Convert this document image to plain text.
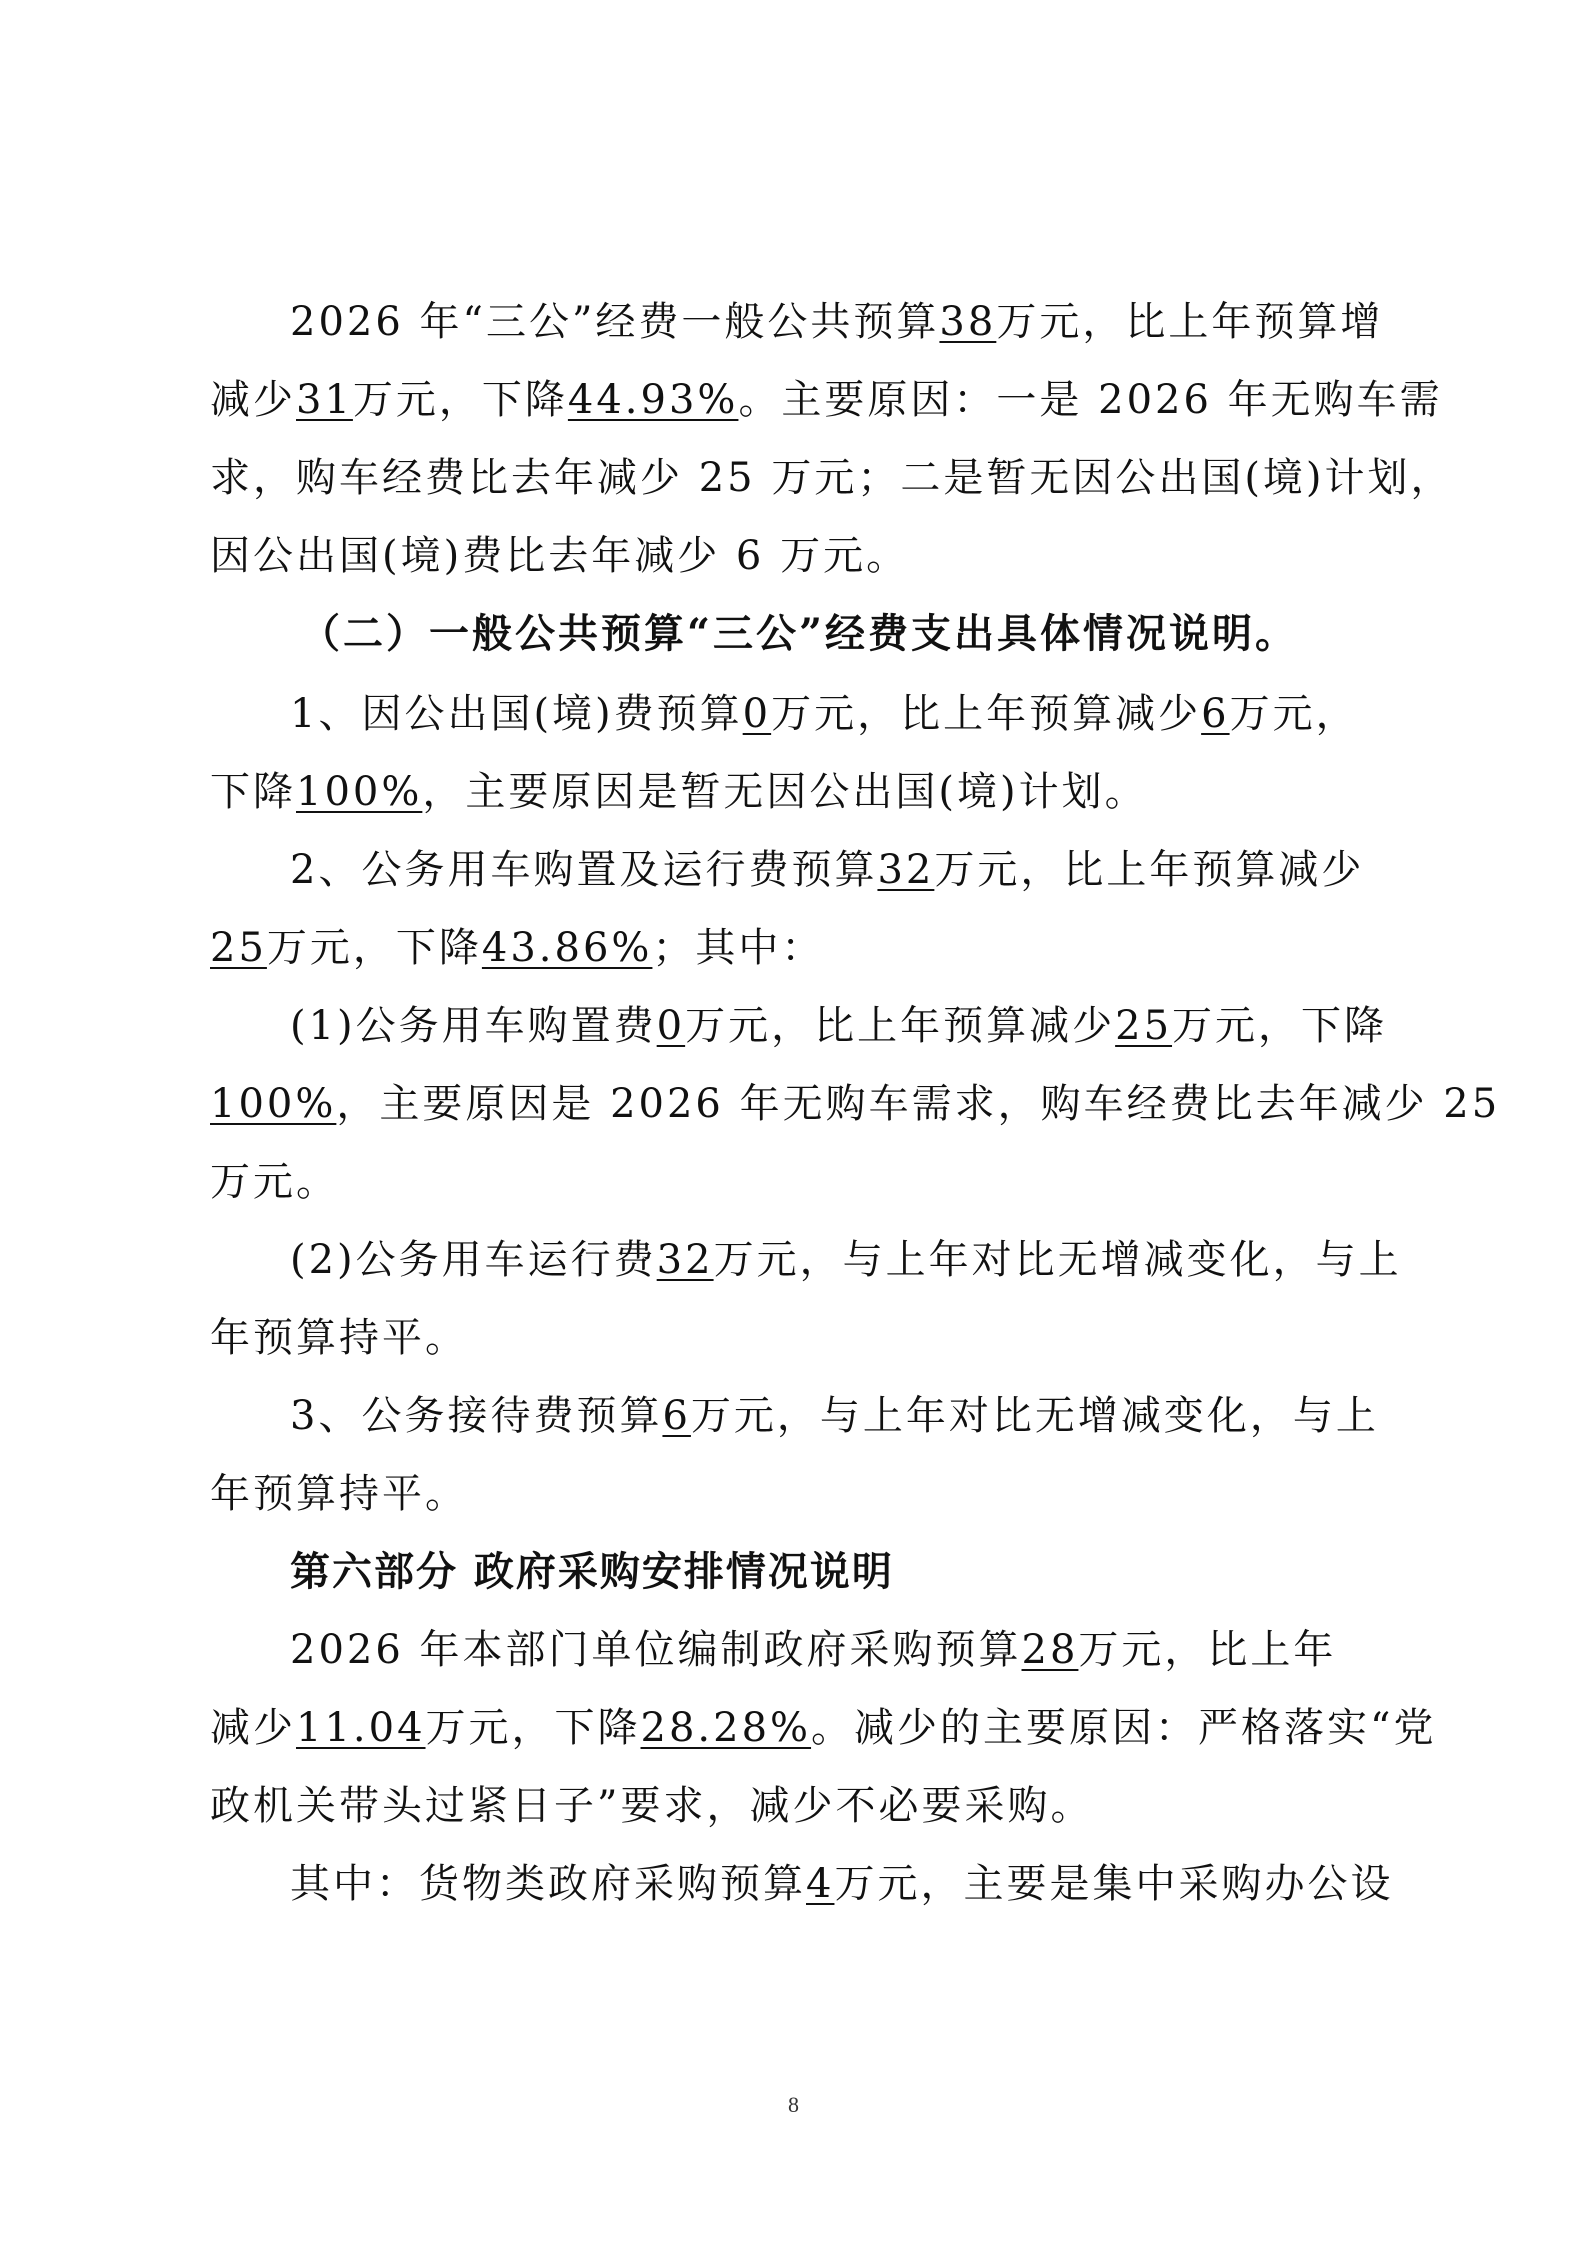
2026 年“三公”经费一般公共预算38万元，比上年预算增
减少31万元，下降44.93%。主要原因：一是 2026 年无购车需
求，购车经费比去年减少 25 万元；二是暂无因公出国(境)计划，
因公出国(境)费比去年减少 6 万元。
（二）一般公共预算“三公”经费支出具体情况说明。
1、因公出国(境)费预算0万元，比上年预算减少6万元，
下降100%，主要原因是暂无因公出国(境)计划。
2、公务用车购置及运行费预算32万元，比上年预算减少
25万元，下降43.86%；其中：
(1)公务用车购置费0万元，比上年预算减少25万元，下降
100%，主要原因是 2026 年无购车需求，购车经费比去年减少 25
万元。
(2)公务用车运行费32万元，与上年对比无增减变化，与上
年预算持平。
3、公务接待费预算6万元，与上年对比无增减变化，与上
年预算持平。
第六部分 政府采购安排情况说明
2026 年本部门单位编制政府采购预算28万元，比上年
减少11.04万元，下降28.28%。减少的主要原因：严格落实“党
政机关带头过紧日子”要求，减少不必要采购。
其中：货物类政府采购预算4万元，主要是集中采购办公设
8
